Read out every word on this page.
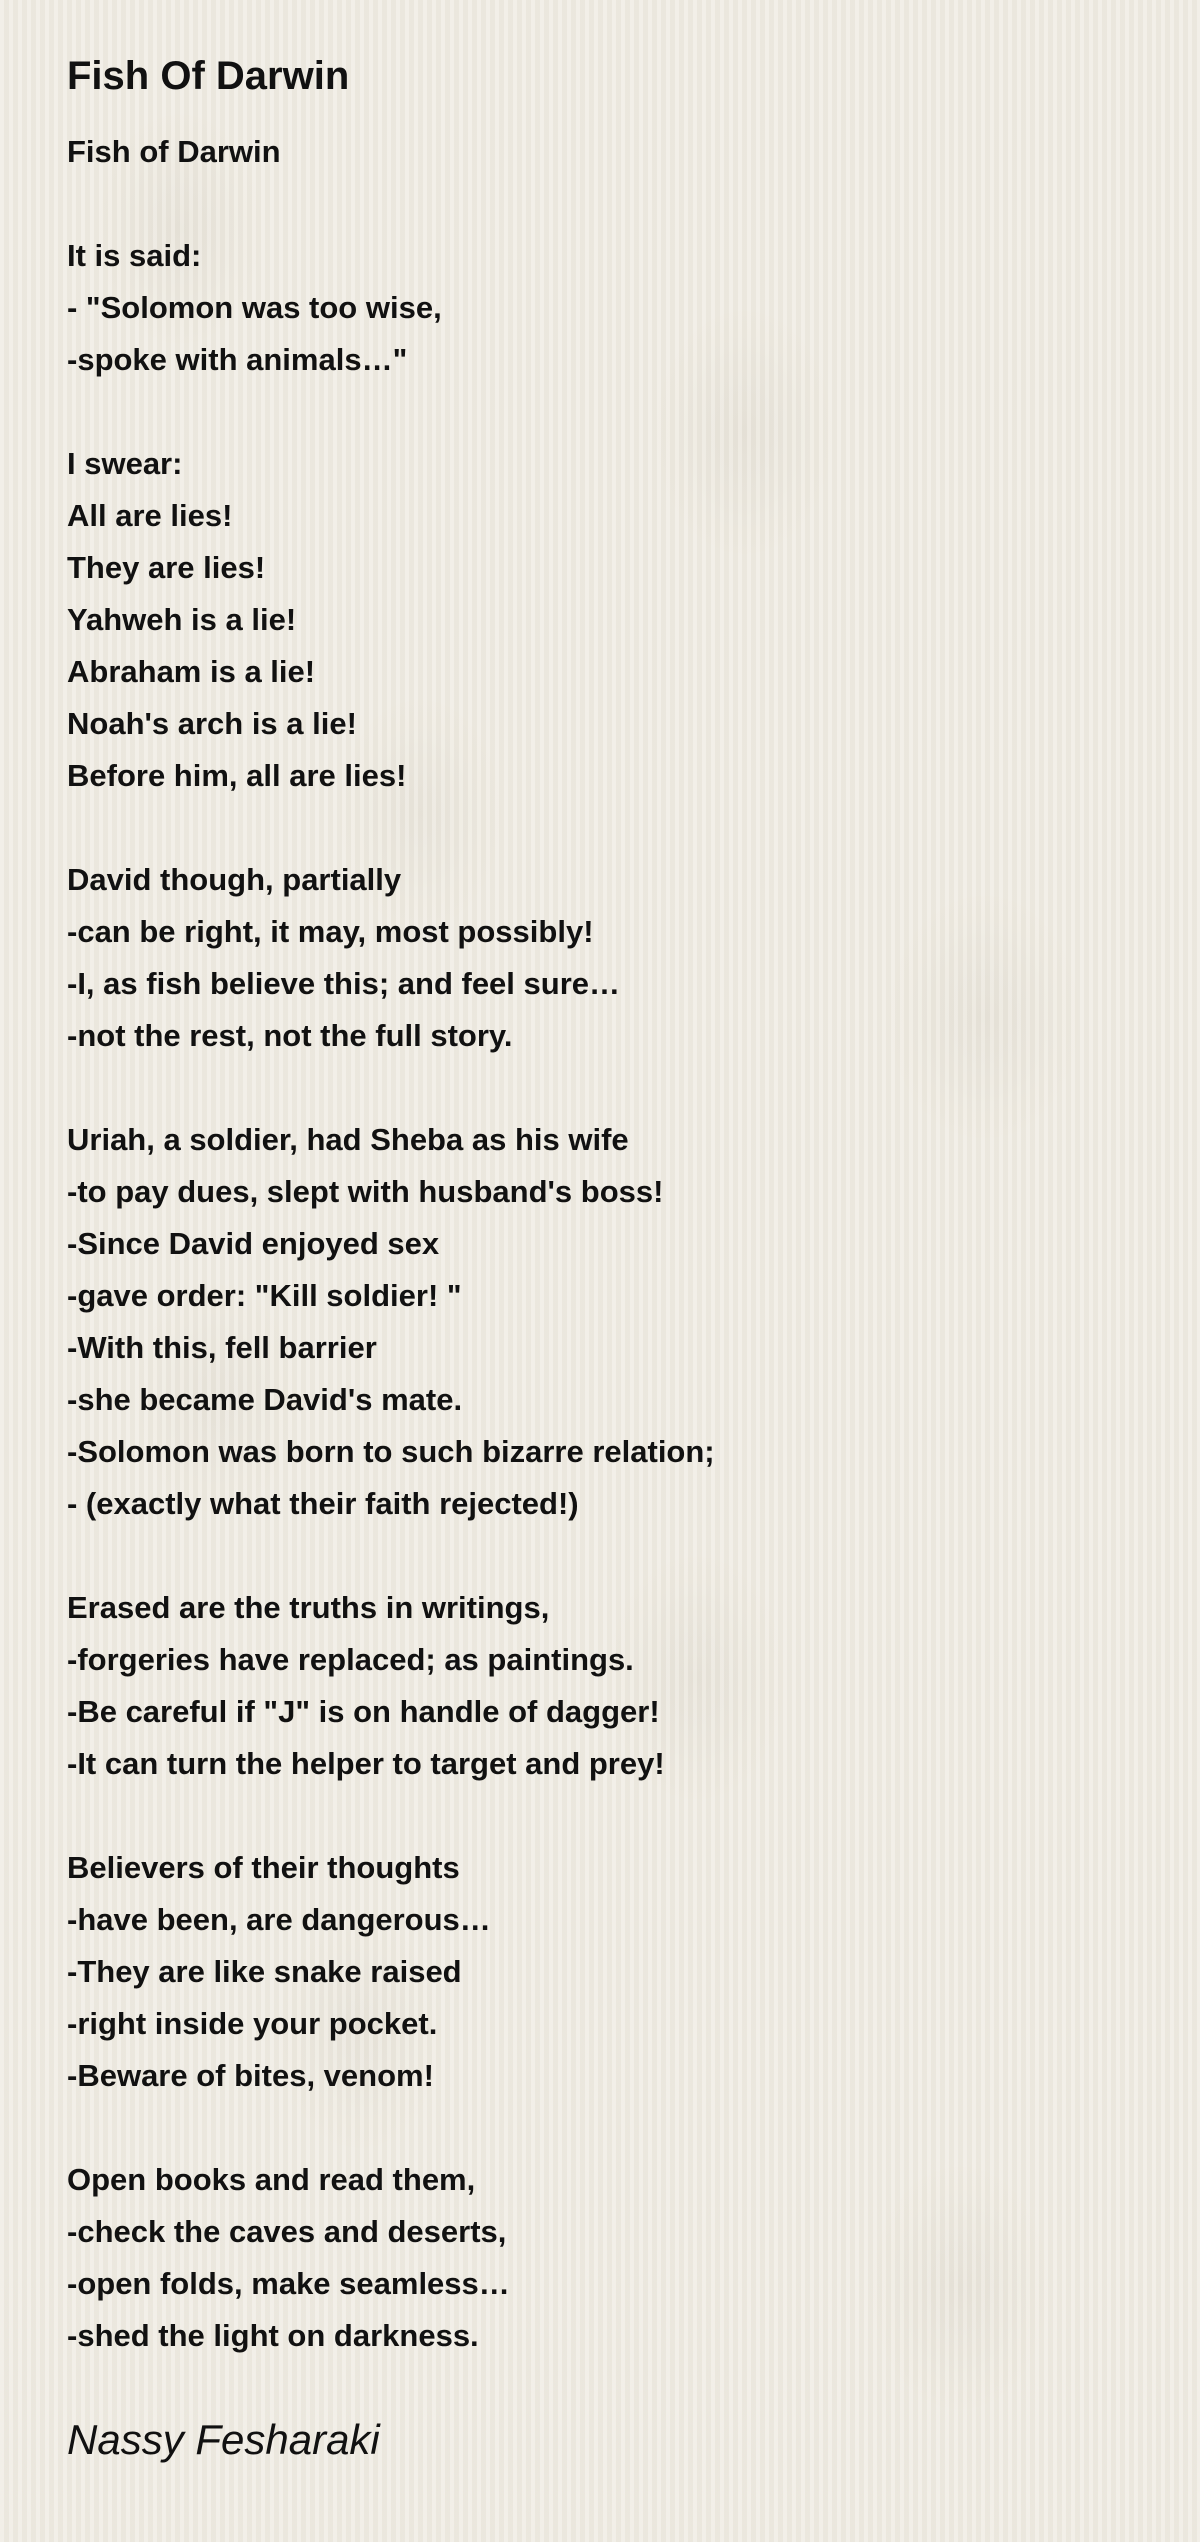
Fish Of Darwin
Fish of Darwin
It is said:
- "Solomon was too wise,
-spoke with animals…"
I swear:
All are lies!
They are lies!
Yahweh is a lie!
Abraham is a lie!
Noah's arch is a lie!
Before him, all are lies!
David though, partially
-can be right, it may, most possibly!
-I, as fish believe this; and feel sure…
-not the rest, not the full story.
Uriah, a soldier, had Sheba as his wife
-to pay dues, slept with husband's boss!
-Since David enjoyed sex
-gave order: "Kill soldier! "
-With this, fell barrier
-she became David's mate.
-Solomon was born to such bizarre relation;
- (exactly what their faith rejected!)
Erased are the truths in writings,
-forgeries have replaced; as paintings.
-Be careful if "J" is on handle of dagger!
-It can turn the helper to target and prey!
Believers of their thoughts
-have been, are dangerous…
-They are like snake raised
-right inside your pocket.
-Beware of bites, venom!
Open books and read them,
-check the caves and deserts,
-open folds, make seamless…
-shed the light on darkness.
Nassy Fesharaki
